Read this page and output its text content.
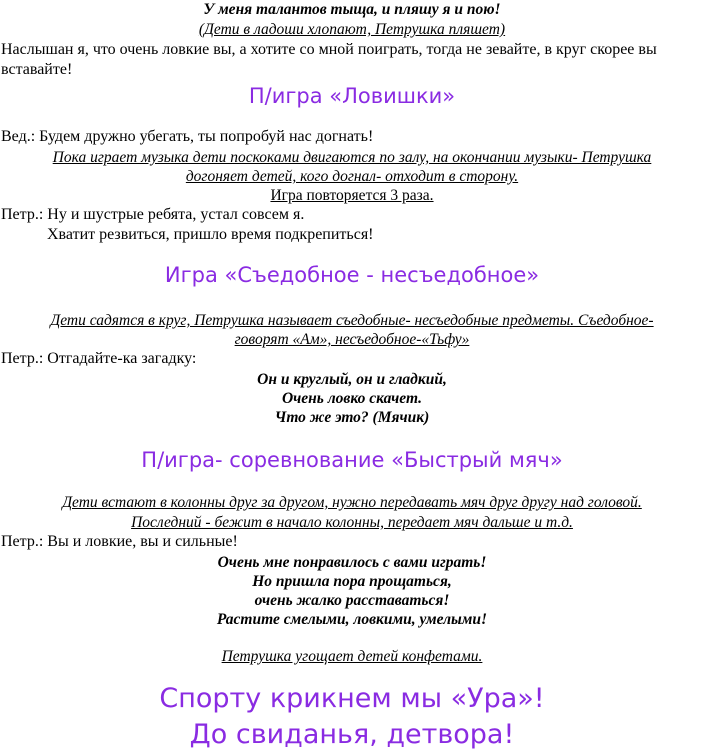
У меня талантов тыща, и пляшу я и пою!
(Дети в ладоши хлопают, Петрушка пляшет)
Наслышан я, что очень ловкие вы, а хотите со мной поиграть, тогда не зевайте, в круг скорее вы
вставайте!
П/игра «Ловишки»
Вед.: Будем дружно убегать, ты попробуй нас догнать!
Пока играет музыка дети поскоками двигаются по залу, на окончании музыки- Петрушка
догоняет детей, кого догнал- отходит в сторону.
Игра повторяется 3 раза.
Петр.: Ну и шустрые ребята, устал совсем я.
Хватит резвиться, пришло время подкрепиться!
Игра «Съедобное - несъедобное»
Дети садятся в круг, Петрушка называет съедобные- несъедобные предметы. Съедобное-
говорят «Ам», несъедобное-«Тьфу»
Петр.: Отгадайте-ка загадку:
Он и круглый, он и гладкий,
Очень ловко скачет.
Что же это? (Мячик)
П/игра- соревнование «Быстрый мяч»
Дети встают в колонны друг за другом, нужно передавать мяч друг другу над головой.
Последний - бежит в начало колонны, передает мяч дальше и т.д.
Петр.: Вы и ловкие, вы и сильные!
Очень мне понравилось с вами играть!
Но пришла пора прощаться,
очень жалко расставаться!
Растите смелыми, ловкими, умелыми!
Петрушка угощает детей конфетами.
Спорту крикнем мы «Ура»!
До свиданья, детвора!
